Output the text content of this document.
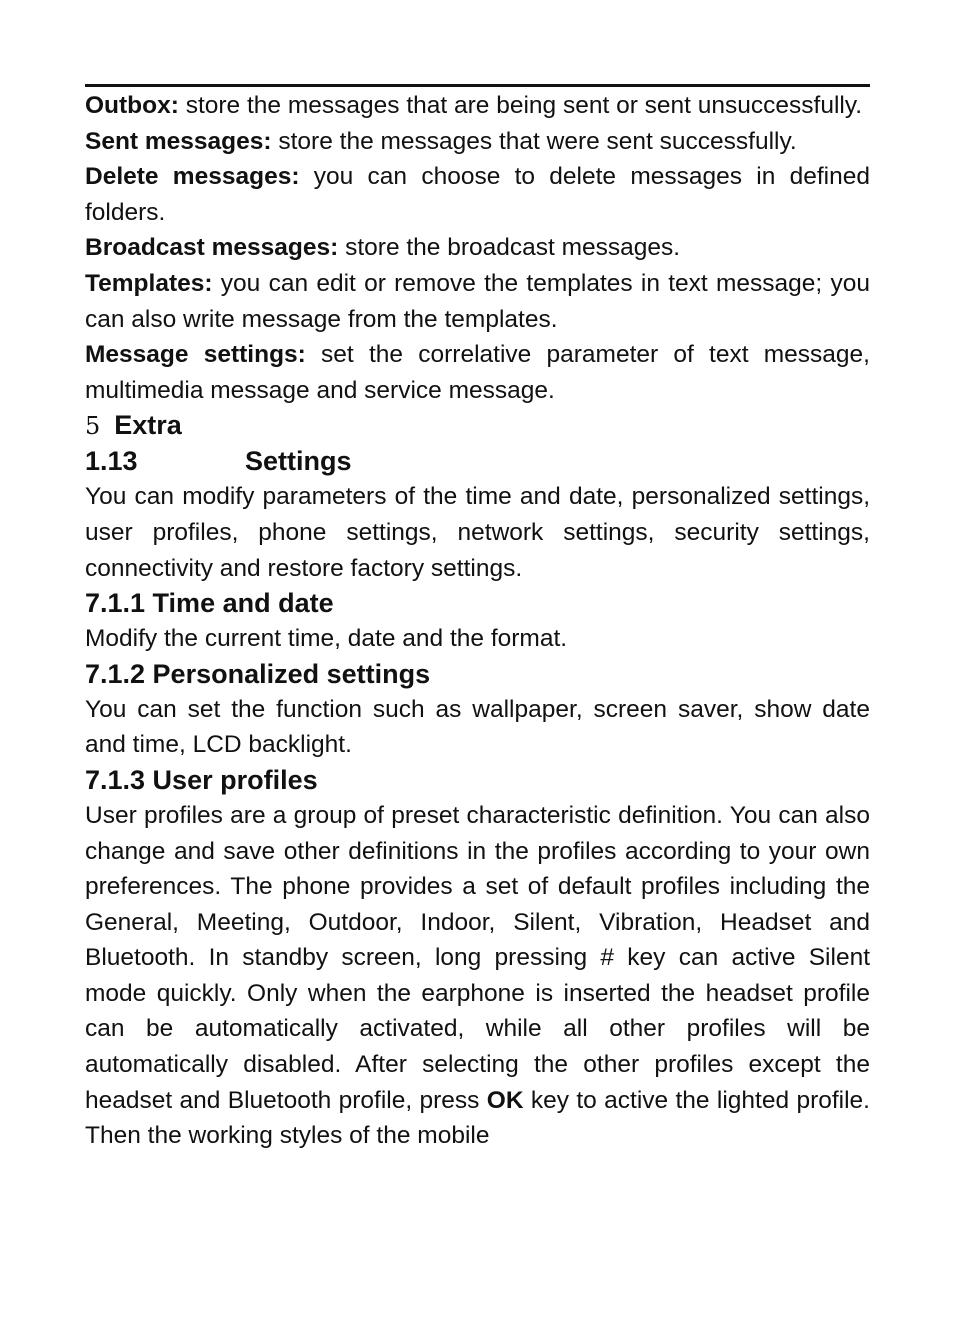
Outbox: store the messages that are being sent or sent unsuccessfully.

Sent messages: store the messages that were sent successfully.

Delete messages: you can choose to delete messages in defined folders.

Broadcast messages: store the broadcast messages.

Templates: you can edit or remove the templates in text message; you can also write message from the templates.

Message settings: set the correlative parameter of text message, multimedia message and service message.

5 Extra
1.13	Settings

You can modify parameters of the time and date, personalized settings, user profiles, phone settings, network settings, security settings, connectivity and restore factory settings.

7.1.1 Time and date

Modify the current time, date and the format.

7.1.2 Personalized settings

You can set the function such as wallpaper, screen saver, show date and time, LCD backlight.

7.1.3 User profiles

User profiles are a group of preset characteristic definition. You can also change and save other definitions in the profiles according to your own preferences. The phone provides a set of default profiles including the General, Meeting, Outdoor, Indoor, Silent, Vibration, Headset and Bluetooth. In standby screen, long pressing # key can active Silent mode quickly. Only when the earphone is inserted the headset profile can be automatically activated, while all other profiles will be automatically disabled. After selecting the other profiles except the headset and Bluetooth profile, press OK key to active the lighted profile. Then the working styles of the mobile
